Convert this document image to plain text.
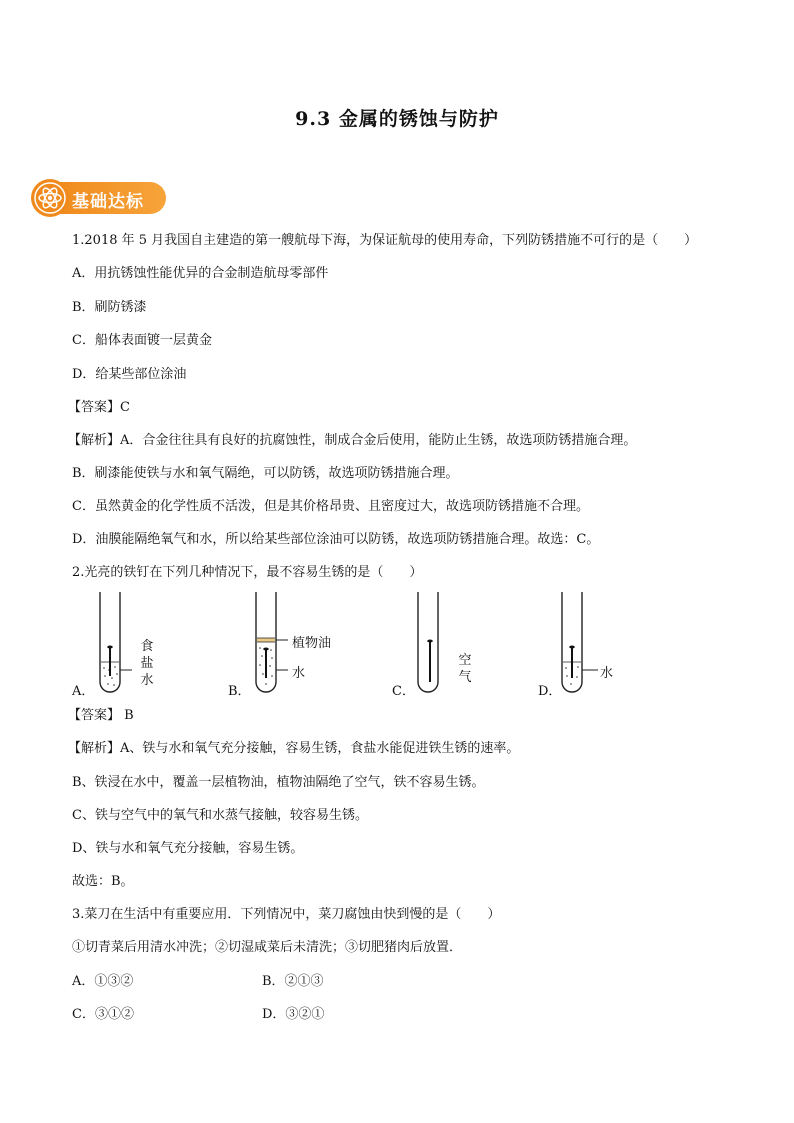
9.3 金属的锈蚀与防护
基础达标
1.2018 年 5 月我国自主建造的第一艘航母下海，为保证航母的使用寿命，下列防锈措施不可行的是（　　）
A．用抗锈蚀性能优异的合金制造航母零部件
B．刷防锈漆
C．船体表面镀一层黄金
D．给某些部位涂油
【答案】C
【解析】A．合金往往具有良好的抗腐蚀性，制成合金后使用，能防止生锈，故选项防锈措施合理。
B．刷漆能使铁与水和氧气隔绝，可以防锈，故选项防锈措施合理。
C．虽然黄金的化学性质不活泼，但是其价格昂贵、且密度过大，故选项防锈措施不合理。
D．油膜能隔绝氧气和水，所以给某些部位涂油可以防锈，故选项防锈措施合理。故选：C。
2.光亮的铁钉在下列几种情况下，最不容易生锈的是（　　）
A．
食盐水
B．
植物油
水
C．
空气
D．
水
【答案】 B
【解析】A、铁与水和氧气充分接触，容易生锈，食盐水能促进铁生锈的速率。
B、铁浸在水中，覆盖一层植物油，植物油隔绝了空气，铁不容易生锈。
C、铁与空气中的氧气和水蒸气接触，较容易生锈。
D、铁与水和氧气充分接触，容易生锈。
故选：B。
3.菜刀在生活中有重要应用．下列情况中，菜刀腐蚀由快到慢的是（　　）
①切青菜后用清水冲洗；②切湿咸菜后未清洗；③切肥猪肉后放置．
A．①③②	B．②①③
C．③①②	D．③②①
